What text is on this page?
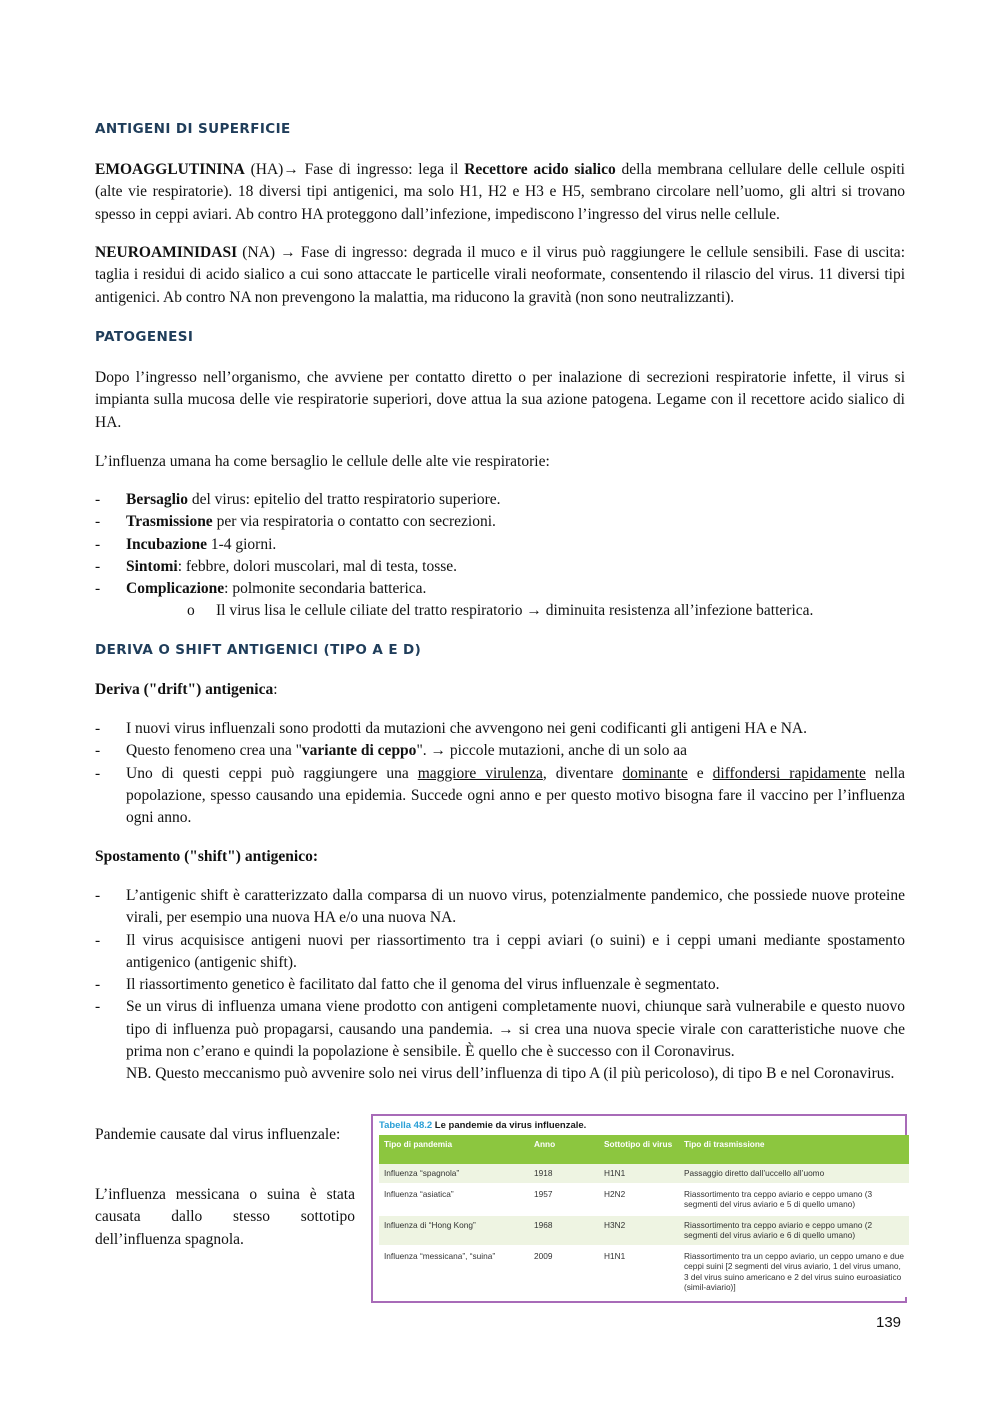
ANTIGENI DI SUPERFICIE
EMOAGGLUTININA (HA)→ Fase di ingresso: lega il Recettore acido sialico della membrana cellulare delle cellule ospiti (alte vie respiratorie). 18 diversi tipi antigenici, ma solo H1, H2 e H3 e H5, sembrano circolare nell’uomo, gli altri si trovano spesso in ceppi aviari. Ab contro HA proteggono dall’infezione, impediscono l’ingresso del virus nelle cellule.
NEUROAMINIDASI (NA) → Fase di ingresso: degrada il muco e il virus può raggiungere le cellule sensibili. Fase di uscita: taglia i residui di acido sialico a cui sono attaccate le particelle virali neoformate, consentendo il rilascio del virus. 11 diversi tipi antigenici. Ab contro NA non prevengono la malattia, ma riducono la gravità (non sono neutralizzanti).
PATOGENESI
Dopo l’ingresso nell’organismo, che avviene per contatto diretto o per inalazione di secrezioni respiratorie infette, il virus si impianta sulla mucosa delle vie respiratorie superiori, dove attua la sua azione patogena. Legame con il recettore acido sialico di HA.
L’influenza umana ha come bersaglio le cellule delle alte vie respiratorie:
- Bersaglio del virus: epitelio del tratto respiratorio superiore.
- Trasmissione per via respiratoria o contatto con secrezioni.
- Incubazione 1-4 giorni.
- Sintomi: febbre, dolori muscolari, mal di testa, tosse.
- Complicazione: polmonite secondaria batterica.
o Il virus lisa le cellule ciliate del tratto respiratorio → diminuita resistenza all’infezione batterica.
DERIVA O SHIFT ANTIGENICI (TIPO A E D)
Deriva ("drift") antigenica:
- I nuovi virus influenzali sono prodotti da mutazioni che avvengono nei geni codificanti gli antigeni HA e NA.
- Questo fenomeno crea una "variante di ceppo". → piccole mutazioni, anche di un solo aa
- Uno di questi ceppi può raggiungere una maggiore virulenza, diventare dominante e diffondersi rapidamente nella popolazione, spesso causando una epidemia. Succede ogni anno e per questo motivo bisogna fare il vaccino per l’influenza ogni anno.
Spostamento ("shift") antigenico:
- L’antigenic shift è caratterizzato dalla comparsa di un nuovo virus, potenzialmente pandemico, che possiede nuove proteine virali, per esempio una nuova HA e/o una nuova NA.
- Il virus acquisisce antigeni nuovi per riassortimento tra i ceppi aviari (o suini) e i ceppi umani mediante spostamento antigenico (antigenic shift).
- Il riassortimento genetico è facilitato dal fatto che il genoma del virus influenzale è segmentato.
- Se un virus di influenza umana viene prodotto con antigeni completamente nuovi, chiunque sarà vulnerabile e questo nuovo tipo di influenza può propagarsi, causando una pandemia. → si crea una nuova specie virale con caratteristiche nuove che prima non c’erano e quindi la popolazione è sensibile. È quello che è successo con il Coronavirus.
NB. Questo meccanismo può avvenire solo nei virus dell’influenza di tipo A (il più pericoloso), di tipo B e nel Coronavirus.
Pandemie causate dal virus influenzale:
L’influenza messicana o suina è stata causata dallo stesso sottotipo dell’influenza spagnola.
Tabella 48.2 Le pandemie da virus influenzale.
Tipo di pandemia	Anno	Sottotipo di virus	Tipo di trasmissione
Influenza “spagnola”	1918	H1N1	Passaggio diretto dall’uccello all’uomo
Influenza “asiatica”	1957	H2N2	Riassortimento tra ceppo aviario e ceppo umano (3 segmenti del virus aviario e 5 di quello umano)
Influenza di “Hong Kong”	1968	H3N2	Riassortimento tra ceppo aviario e ceppo umano (2 segmenti del virus aviario e 6 di quello umano)
Influenza “messicana”, “suina”	2009	H1N1	Riassortimento tra un ceppo aviario, un ceppo umano e due ceppi suini [2 segmenti del virus aviario, 1 del virus umano, 3 del virus suino americano e 2 del virus suino euroasiatico (simil-aviario)]
139
